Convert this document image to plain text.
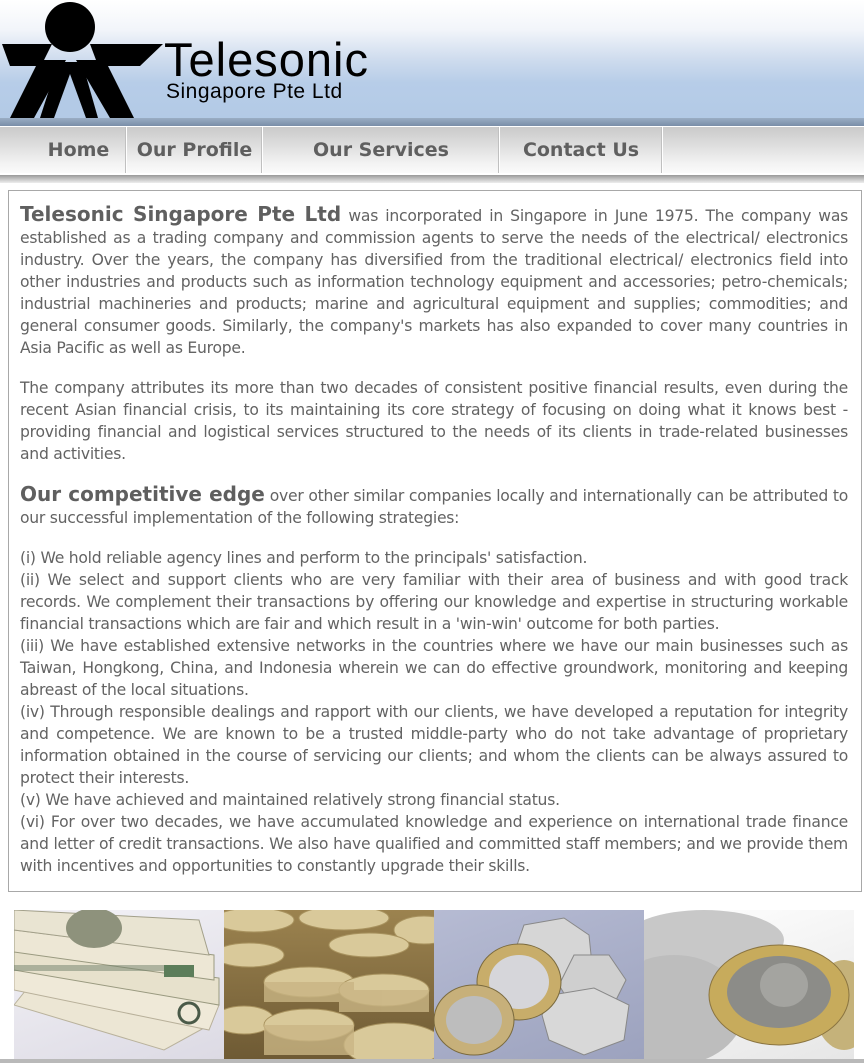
Telesonic
Singapore Pte Ltd
Home	Our Profile	Our Services	Contact Us

Telesonic Singapore Pte Ltd was incorporated in Singapore in June 1975. The company was established as a trading company and commission agents to serve the needs of the electrical/ electronics industry. Over the years, the company has diversified from the traditional electrical/ electronics field into other industries and products such as information technology equipment and accessories; petro-chemicals; industrial machineries and products; marine and agricultural equipment and supplies; commodities; and general consumer goods. Similarly, the company's markets has also expanded to cover many countries in Asia Pacific as well as Europe.

The company attributes its more than two decades of consistent positive financial results, even during the recent Asian financial crisis, to its maintaining its core strategy of focusing on doing what it knows best - providing financial and logistical services structured to the needs of its clients in trade-related businesses and activities.

Our competitive edge over other similar companies locally and internationally can be attributed to our successful implementation of the following strategies:

(i) We hold reliable agency lines and perform to the principals' satisfaction.

(ii) We select and support clients who are very familiar with their area of business and with good track records. We complement their transactions by offering our knowledge and expertise in structuring workable financial transactions which are fair and which result in a 'win-win' outcome for both parties.

(iii) We have established extensive networks in the countries where we have our main businesses such as Taiwan, Hongkong, China, and Indonesia wherein we can do effective groundwork, monitoring and keeping abreast of the local situations.

(iv) Through responsible dealings and rapport with our clients, we have developed a reputation for integrity and competence. We are known to be a trusted middle-party who do not take advantage of proprietary information obtained in the course of servicing our clients; and whom the clients can be always assured to protect their interests.

(v) We have achieved and maintained relatively strong financial status.

(vi) For over two decades, we have accumulated knowledge and experience on international trade finance and letter of credit transactions. We also have qualified and committed staff members; and we provide them with incentives and opportunities to constantly upgrade their skills.
